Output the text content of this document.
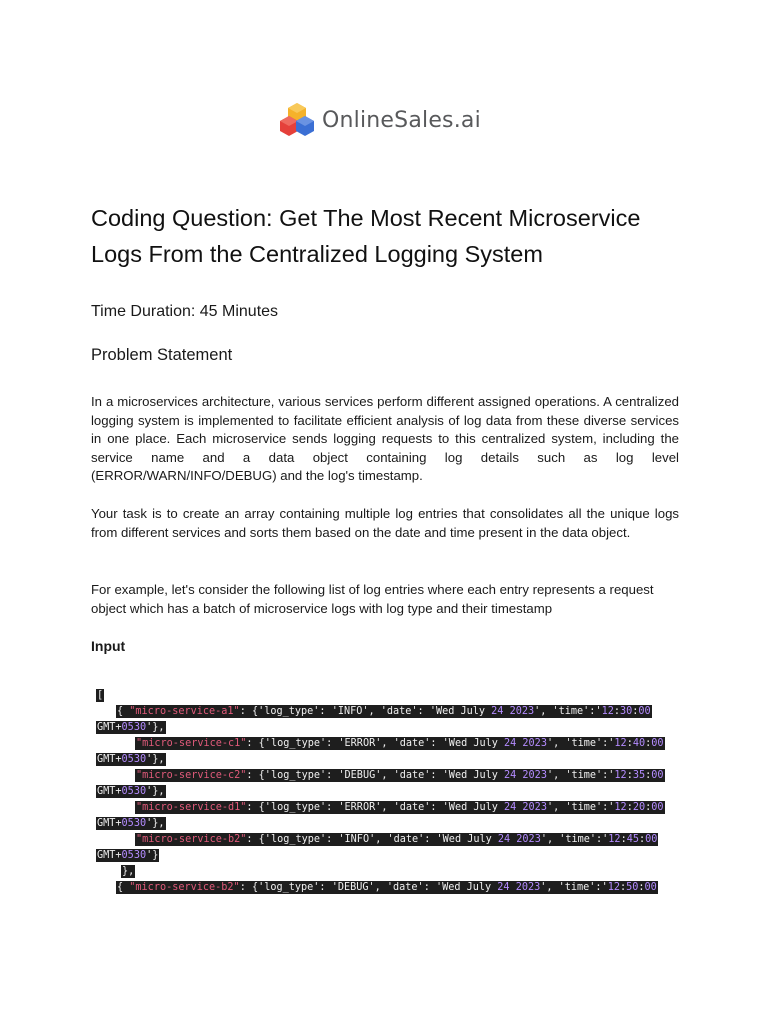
OnlineSales.ai
Coding Question: Get The Most Recent Microservice
Logs From the Centralized Logging System

Time Duration: 45 Minutes

Problem Statement

In a microservices architecture, various services perform different assigned operations. A centralized logging system is implemented to facilitate efficient analysis of log data from these diverse services in one place. Each microservice sends logging requests to this centralized system, including the service name and a data object containing log details such as log level (ERROR/WARN/INFO/DEBUG) and the log's timestamp.

Your task is to create an array containing multiple log entries that consolidates all the unique logs from different services and sorts them based on the date and time present in the data object.

For example, let's consider the following list of log entries where each entry represents a request object which has a batch of microservice logs with log type and their timestamp

Input

[
{ "micro-service-a1": {'log_type': 'INFO', 'date': 'Wed July 24 2023', 'time':'12:30:00
GMT+0530'},
"micro-service-c1": {'log_type': 'ERROR', 'date': 'Wed July 24 2023', 'time':'12:40:00
GMT+0530'},
"micro-service-c2": {'log_type': 'DEBUG', 'date': 'Wed July 24 2023', 'time':'12:35:00
GMT+0530'},
"micro-service-d1": {'log_type': 'ERROR', 'date': 'Wed July 24 2023', 'time':'12:20:00
GMT+0530'},
"micro-service-b2": {'log_type': 'INFO', 'date': 'Wed July 24 2023', 'time':'12:45:00
GMT+0530'}
},
{ "micro-service-b2": {'log_type': 'DEBUG', 'date': 'Wed July 24 2023', 'time':'12:50:00
